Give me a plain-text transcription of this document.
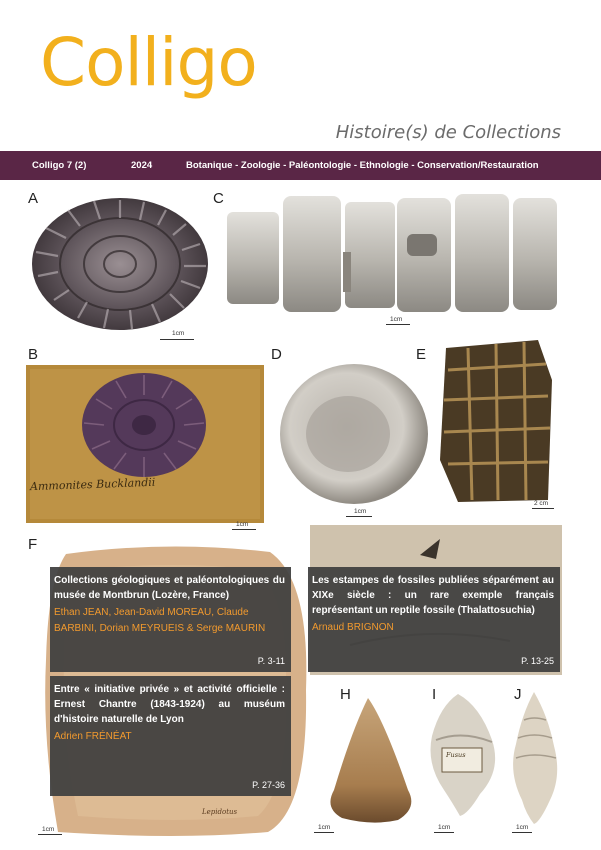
Colligo
Histoire(s) de Collections
Colligo 7 (2)	2024	Botanique - Zoologie - Paléontologie - Ethnologie - Conservation/Restauration
A
1cm
C
1cm
B
Ammonites Bucklandii
1cm
D
1cm
E
2 cm
F
Lepidotus
1cm
H
1cm
I
Fusus
1cm
J
1cm
Collections géologiques et paléontologiques du musée de Montbrun (Lozère, France)
Ethan JEAN, Jean-David MOREAU, Claude BARBINI, Dorian MEYRUEIS & Serge MAURIN
P. 3-11
Les estampes de fossiles publiées séparément au XIXe siècle : un rare exemple français représentant un reptile fossile (Thalattosuchia)
Arnaud BRIGNON
P. 13-25
Entre « initiative privée » et activité officielle : Ernest Chantre (1843-1924) au muséum d'histoire naturelle de Lyon
Adrien FRÉNÉAT
P. 27-36
